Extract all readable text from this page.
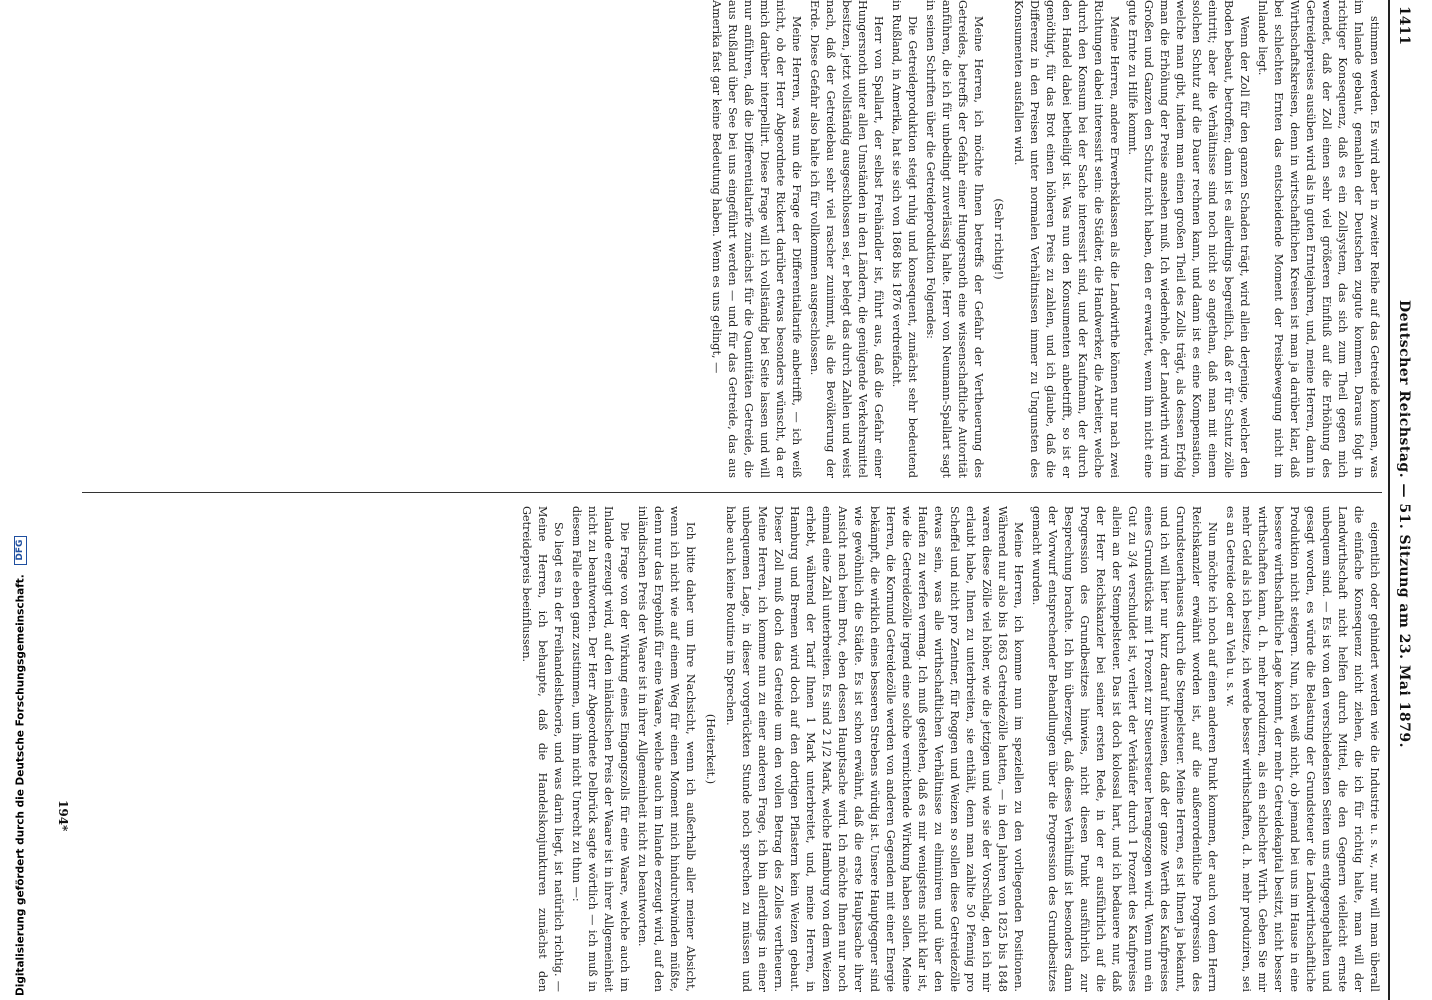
Digitalisierung gefördert durch die Deutsche Forschungsgemeinschaft. DFG
1411
Deutscher Reichstag. — 51. Sitzung am 23. Mai 1879.

stimmen werden. Es wird aber in zweiter Reihe auf das Getreide kommen, was im Inlande gebaut, gemahlen der Deutschen zugute kommen. Daraus folgt in richtiger Konsequenz, daß es ein Zollsystem, das sich zum Theil gegen mich wendet, daß der Zoll einen sehr viel größeren Einfluß auf die Erhöhung des Getreidepreises ausüben wird als in guten Erntejahren, und, meine Herren, dann in Wirthschaftskreisen, denn in wirtschaftlichen Kreisen ist man ja darüber klar, daß bei schlechten Ernten das entscheidende Moment der Preisbewegung nicht im Inlande liegt.

Wenn der Zoll für den ganzen Schaden trägt, wird allein derjenige, welcher den Boden bebaut, betroffen; dann ist es allerdings begreiflich, daß er für Schutz zölle eintritt; aber die Verhältnisse sind noch nicht so angethan, daß man mit einem solchen Schutz auf die Dauer rechnen kann, und dann ist es eine Kompensation, welche man gibt, indem man einen großen Theil des Zolls trägt, als dessen Erfolg man die Erhöhung der Preise ansehen muß. Ich wiederhole, der Landwirth wird im Großen und Ganzen den Schutz nicht haben, den er erwartet, wenn ihm nicht eine gute Ernte zu Hilfe kommt.

Meine Herren, andere Erwerbsklassen als die Landwirthe können nur nach zwei Richtungen dabei interessirt sein: die Städter, die Handwerker, die Arbeiter, welche durch den Konsum bei der Sache interessirt sind, und der Kaufmann, der durch den Handel dabei betheiligt ist. Was nun den Konsumenten anbetrifft, so ist er genöthigt, für das Brot einen höheren Preis zu zahlen, und ich glaube, daß die Differenz in den Preisen unter normalen Verhältnissen immer zu Ungunsten des Konsumenten ausfallen wird.

(Sehr richtig!)

Meine Herren, ich möchte Ihnen betreffs der Gefahr der Vertheuerung des Getreides, betreffs der Gefahr einer Hungersnoth eine wissenschaftliche Autorität anführen, die ich für unbedingt zuverlässig halte. Herr von Neumann-Spallart sagt in seinen Schriften über die Getreideproduktion Folgendes:

Die Getreideproduktion steigt ruhig und konsequent, zunächst sehr bedeutend in Rußland, in Amerika, hat sie sich von 1868 bis 1876 verdreifacht.

Herr von Spallart, der selbst Freihändler ist, führt aus, daß die Gefahr einer Hungersnoth unter allen Umständen in den Ländern, die genügende Verkehrsmittel besitzen, jetzt vollständig ausgeschlossen sei, er belegt das durch Zahlen und weist nach, daß der Getreidebau sehr viel rascher zunimmt, als die Bevölkerung der Erde. Diese Gefahr also halte ich für vollkommen ausgeschlossen.

Meine Herren, was nun die Frage der Differentialtarife anbetrifft, — ich weiß nicht, ob der Herr Abgeordnete Rickert darüber etwas besonders wünscht, da er mich darüber interpellirt. Diese Frage will ich vollständig bei Seite lassen und will nur anführen, daß die Differentialtarife zunächst für die Quantitäten Getreide, die aus Rußland über See bei uns eingeführt werden — und für das Getreide, das aus Amerika fast gar keine Bedeutung haben. Wenn es uns gelingt, —

eigentlich oder gehindert werden wie die Industrie u. s. w., nur will man überall die einfache Konsequenz nicht ziehen, die ich für richtig halte, man will der Landwirthschaft nicht helfen durch Mittel, die den Gegnern vielleicht ernste unbequem sind. — Es ist von den verschiedensten Seiten uns entgegengehalten und gesagt worden, es würde die Belastung der Grundsteuer die Landwirthschaftliche Produktion nicht steigern. Nun, ich weiß nicht, ob jemand bei uns im Hause in eine bessere wirthschaftliche Lage kommt, der mehr Getreidekapital besitzt, nicht besser wirthschaften kann, d. h. mehr produziren, als ein schlechter Wirth. Geben Sie mir mehr Geld als ich besitze, ich werde besser wirthschaften, d. h. mehr produziren, sei es an Getreide oder an Vieh u. s. w.

Nun möchte ich noch auf einen anderen Punkt kommen, der auch von dem Herrn Reichskanzler erwähnt worden ist, auf die außerordentliche Progression des Grundsteuerhauses durch die Stempelsteuer. Meine Herren, es ist Ihnen ja bekannt, und ich will hier nur kurz darauf hinweisen, daß der ganze Werth des Kaufpreises eines Grundstücks mit 1 Prozent zur Steuersteuer herangezogen wird. Wenn nun ein Gut zu 3/4 verschuldet ist, verliert der Verkäufer durch 1 Prozent des Kaufpreises allein an der Stempelsteuer. Das ist doch kolossal hart, und ich bedauere nur, daß der Herr Reichskanzler bei seiner ersten Rede, in der er ausführlich auf die Progression des Grundbesitzes hinwies, nicht diesen Punkt ausführlich zur Besprechung brachte. Ich bin überzeugt, daß dieses Verhältniß ist besonders dann der Vorwurf entsprechender Behandlungen über die Progression des Grundbesitzes gemacht wurden.

Meine Herren, ich komme nun im speziellen zu den vorliegenden Positionen. Während nur also bis 1863 Getreidezölle hatten, — in den Jahren von 1825 bis 1848 waren diese Zölle viel höher, wie die jetzigen und wie sie der Vorschlag, den ich mir erlaubt habe, Ihnen zu unterbreiten, sie enthält, denn man zahlte 50 Pfennig pro Scheffel und nicht pro Zentner, für Roggen und Weizen so sollen diese Getreidezölle etwas sein, was alle wirthschaftlichen Verhältnisse zu eliminiren und über den Haufen zu werfen vermag. Ich muß gestehen, daß es mir wenigstens nicht klar ist, wie die Getreidezölle irgend eine solche vernichtende Wirkung haben sollen. Meine Herren, die Kornund Getreidezölle werden von anderen Gegenden mit einer Energie bekämpft, die wirklich eines besseren Strebens würdig ist. Unsere Hauptgegner sind wie gewöhnlich die Städte. Es ist schon erwähnt, daß die erste Hauptsache ihrer Ansicht nach beim Brot, eben dessen Hauptsache wird. Ich möchte Ihnen nur noch einmal eine Zahl unterbreiten. Es sind 2 1/2 Mark, welche Hamburg von dem Weizen erhebt, während der Tarif Ihnen 1 Mark unterbreitet, und, meine Herren, in Hamburg und Bremen wird doch auf den dortigen Pflastern kein Weizen gebaut. Dieser Zoll muß doch das Getreide um den vollen Betrag des Zolles vertheuern. Meine Herren, ich komme nun zu einer anderen Frage, ich bin allerdings in einer unbequemen Lage, in dieser vorgerückten Stunde noch sprechen zu müssen und habe auch keine Routine im Sprechen.

(Heiterkeit.)

Ich bitte daher um Ihre Nachsicht, wenn ich außerhalb aller meiner Absicht, wenn ich nicht wie auf einem Weg für einen Moment mich hindurchwinden müßte, denn nur das Ergebniß für eine Waare, welche auch im Inlande erzeugt wird, auf den inländischen Preis der Waare ist in ihrer Allgemeinheit nicht zu beantworten.

Die Frage von der Wirkung eines Eingangszolls für eine Waare, welche auch im Inlande erzeugt wird, auf den inländischen Preis der Waare ist in ihrer Allgemeinheit nicht zu beantworten. Der Herr Abgeordnete Delbrück sagte wörtlich — ich muß in diesem Falle eben ganz zustimmen, um ihm nicht Unrecht zu thun —:

So liegt es in der Freihandelstheorie, und was darin liegt, ist natürlich richtig. — Meine Herren, ich behaupte, daß die Handelskonjunkturen zunächst den Getreidepreis beeinflussen.

194*
